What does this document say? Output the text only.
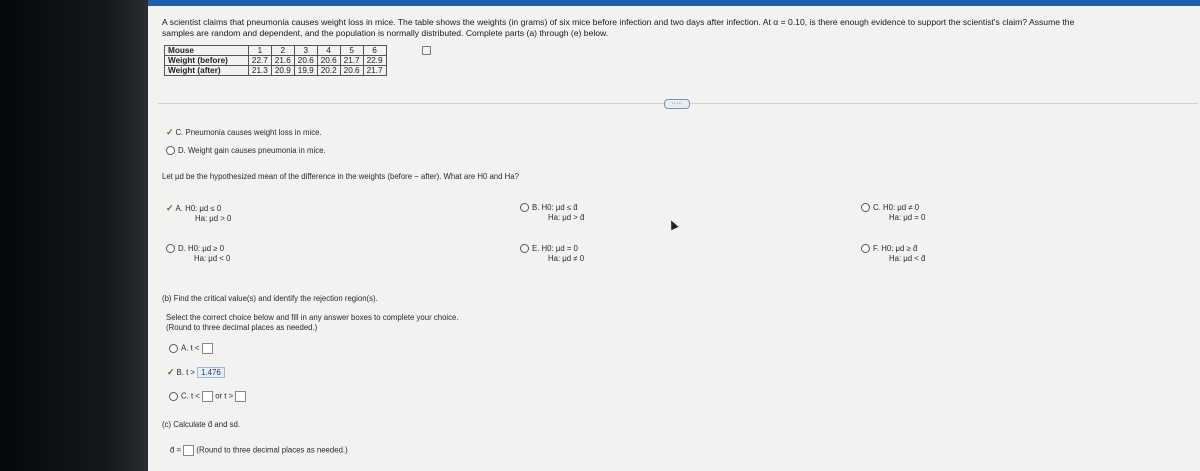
A scientist claims that pneumonia causes weight loss in mice. The table shows the weights (in grams) of six mice before infection and two days after infection. At α = 0.10, is there enough evidence to support the scientist's claim? Assume the
samples are random and dependent, and the population is normally distributed. Complete parts (a) through (e) below.
Mouse	1	2	3	4	5	6
Weight (before)	22.7	21.6	20.6	20.6	21.7	22.9
Weight (after)	21.3	20.9	19.9	20.2	20.6	21.7
·····
✓ C. Pneumonia causes weight loss in mice.
D. Weight gain causes pneumonia in mice.
Let μd be the hypothesized mean of the difference in the weights (before − after). What are H0 and Ha?
✓ A. H0: μd ≤ 0
Ha: μd > 0
B. H0: μd ≤ d̄
Ha: μd > d̄
C. H0: μd ≠ 0
Ha: μd = 0
D. H0: μd ≥ 0
Ha: μd < 0
E. H0: μd = 0
Ha: μd ≠ 0
F. H0: μd ≥ d̄
Ha: μd < d̄
(b) Find the critical value(s) and identify the rejection region(s).
Select the correct choice below and fill in any answer boxes to complete your choice.
(Round to three decimal places as needed.)
A. t <
✓ B. t > 1.476
C. t < or t >
(c) Calculate d̄ and sd.
d̄ = (Round to three decimal places as needed.)
